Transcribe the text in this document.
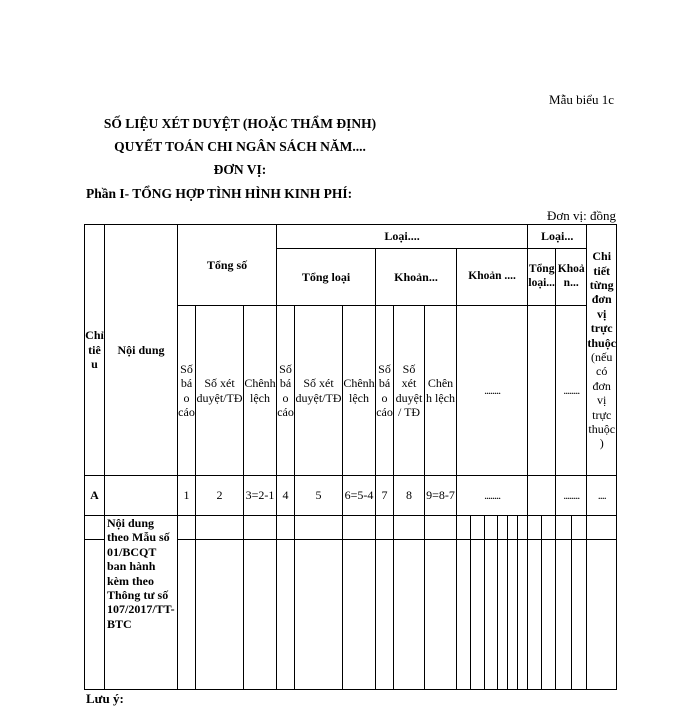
Mẫu biểu 1c
SỐ LIỆU XÉT DUYỆT (HOẶC THẨM ĐỊNH)
QUYẾT TOÁN CHI NGÂN SÁCH NĂM....
ĐƠN VỊ:
Phần I- TỔNG HỢP TÌNH HÌNH KINH PHÍ:
Đơn vị: đồng
Chỉ tiêu	Nội dung	Tổng số			Loại....												Loại...				Chi tiết từng đơn vị trực thuộc (nếu có đơn vị trực thuộc)
					Tổng loại			Khoản...			Khoản ....						Tổng loại...		Khoản...		
		Số báo cáo	Số xét duyệt/TĐ	Chênh lệch	Số báo cáo	Số xét duyệt/TĐ	Chênh lệch	Số báo cáo	Số xét duyệt / TĐ	Chênh lệch	........								........		
A		1	2	3=2-1	4	5	6=5-4	7	8	9=8-7	........								........		....
	Nội dung theo Mẫu số 01/BCQT ban hành kèm theo Thông tư số 107/2017/TT-BTC																				

Lưu ý:
